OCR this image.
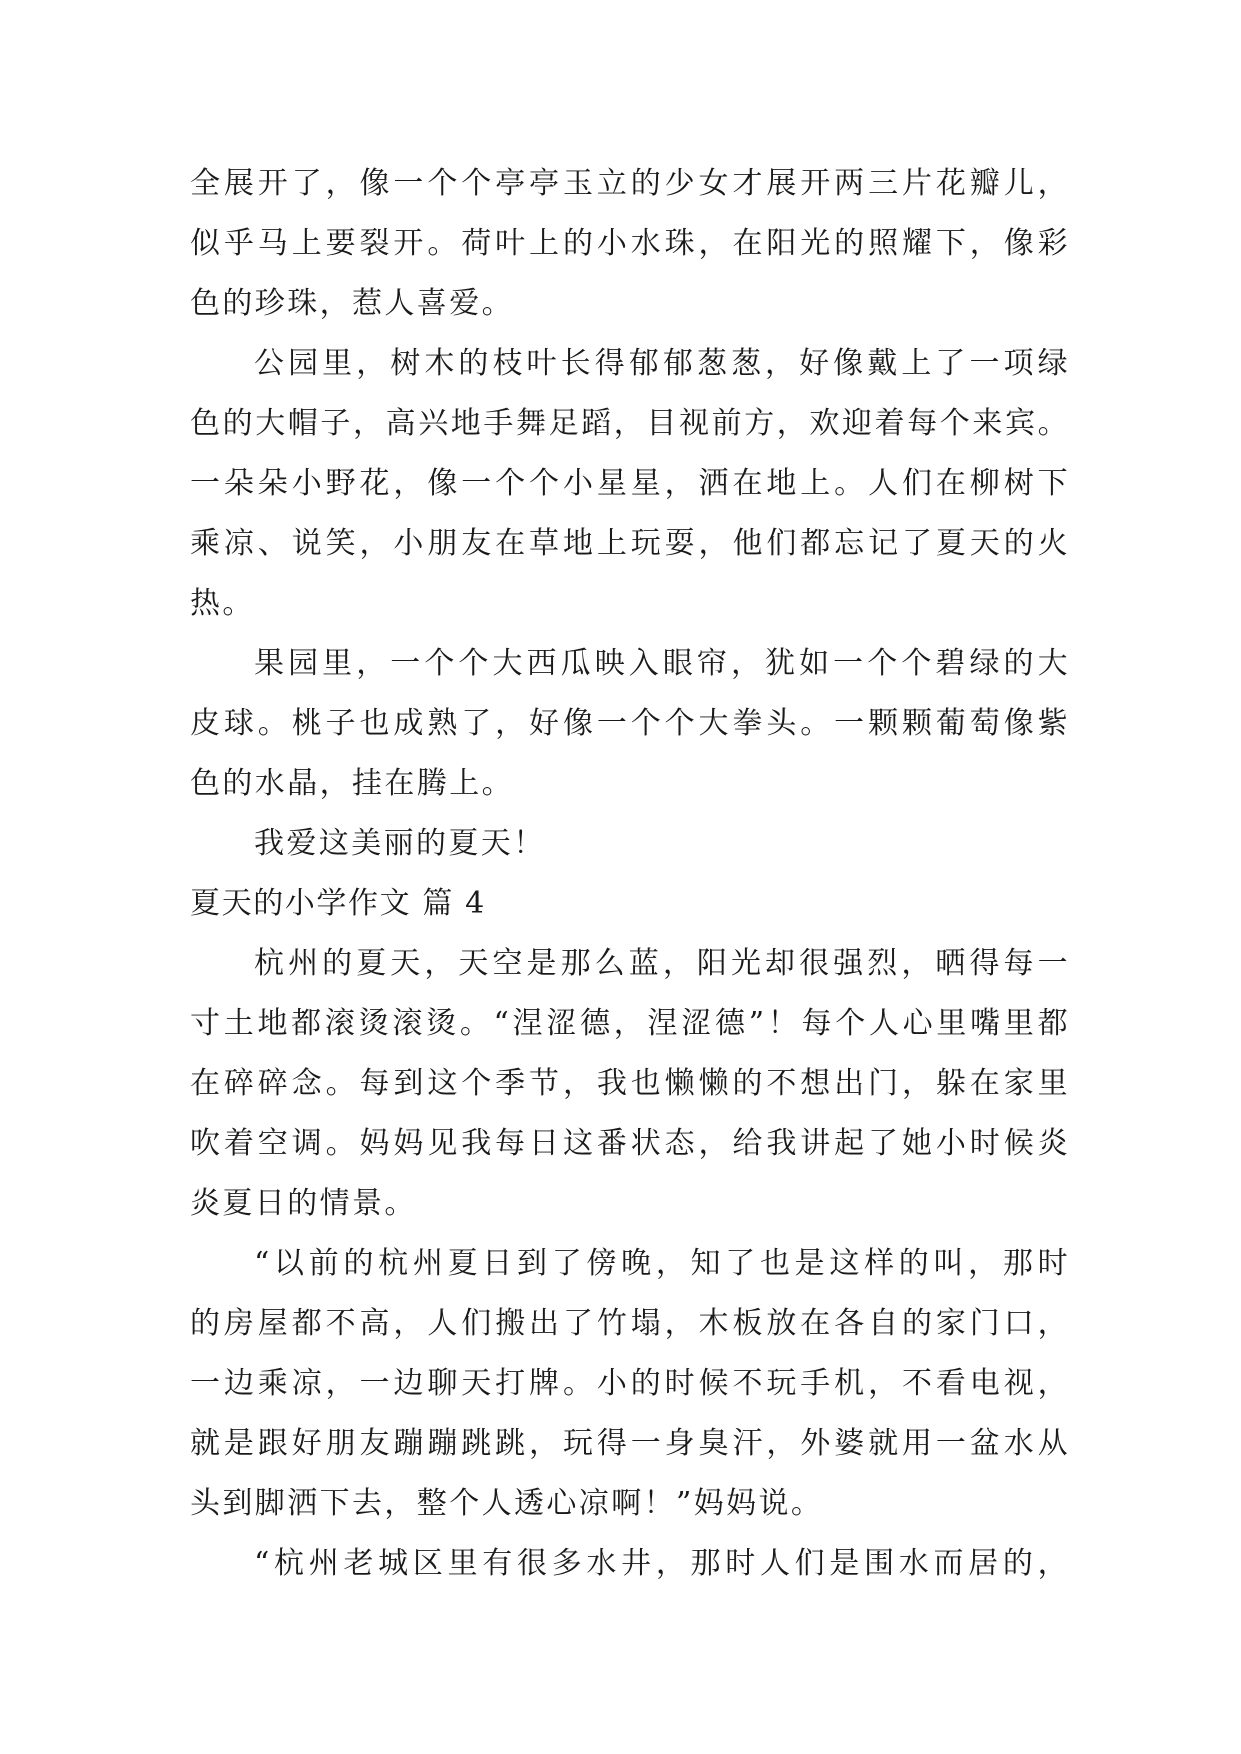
全展开了，像一个个亭亭玉立的少女才展开两三片花瓣儿，
似乎马上要裂开。荷叶上的小水珠，在阳光的照耀下，像彩
色的珍珠，惹人喜爱。
公园里，树木的枝叶长得郁郁葱葱，好像戴上了一项绿
色的大帽子，高兴地手舞足蹈，目视前方，欢迎着每个来宾。
一朵朵小野花，像一个个小星星，洒在地上。人们在柳树下
乘凉、说笑，小朋友在草地上玩耍，他们都忘记了夏天的火
热。
果园里，一个个大西瓜映入眼帘，犹如一个个碧绿的大
皮球。桃子也成熟了，好像一个个大拳头。一颗颗葡萄像紫
色的水晶，挂在腾上。
我爱这美丽的夏天！
夏天的小学作文 篇 4
杭州的夏天，天空是那么蓝，阳光却很强烈，晒得每一
寸土地都滚烫滚烫。“涅涩德，涅涩德”！每个人心里嘴里都
在碎碎念。每到这个季节，我也懒懒的不想出门，躲在家里
吹着空调。妈妈见我每日这番状态，给我讲起了她小时候炎
炎夏日的情景。
“以前的杭州夏日到了傍晚，知了也是这样的叫，那时
的房屋都不高，人们搬出了竹塌，木板放在各自的家门口，
一边乘凉，一边聊天打牌。小的时候不玩手机，不看电视，
就是跟好朋友蹦蹦跳跳，玩得一身臭汗，外婆就用一盆水从
头到脚洒下去，整个人透心凉啊！”妈妈说。
“杭州老城区里有很多水井，那时人们是围水而居的，
